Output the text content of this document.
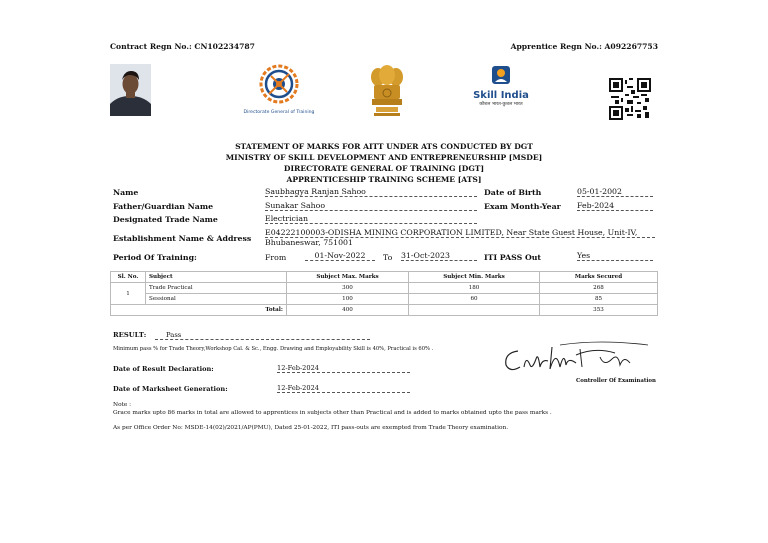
Contract Regn No.: CN102234787	Apprentice Regn No.: A092267753
Directorate General of Training
Skill India
कौशल भारत-कुशल भारत
STATEMENT OF MARKS FOR AITT UNDER ATS CONDUCTED BY DGT
MINISTRY OF SKILL DEVELOPMENT AND ENTREPRENEURSHIP [MSDE]
DIRECTORATE GENERAL OF TRAINING [DGT]
APPRENTICESHIP TRAINING SCHEME [ATS]
Name	Saubhagya Ranjan Sahoo	Date of Birth	05-01-2002
Father/Guardian Name	Sunakar Sahoo	Exam Month-Year Feb-2024
Designated Trade Name	Electrician
Establishment Name & Address
E04222100003-ODISHA MINING CORPORATION LIMITED, Near State Guest House, Unit-IV,
Bhubaneswar, 751001
Period Of Training:	From	01-Nov-2022	To 31-Oct-2023	ITI PASS Out	Yes
Sl. No.	Subject	Subject Max. Marks	Subject Min. Marks	Marks Secured
1	Trade Practical	300	180	268
	Sessional	100	60	85
Total:		400		353
RESULT:	Pass
Minimum pass % for Trade Theory,Workshop Cal. & Sc., Engg. Drawing and Employability Skill is 40%, Practical is 60% .
Date of Result Declaration:	12-Feb-2024
Date of Marksheet Generation:	12-Feb-2024
Controller Of Examination
Note :
Grace marks upto 86 marks in total are allowed to apprentices in subjects other than Practical and is added to marks obtained upto the pass marks .
As per Office Order No: MSDE-14(02)/2021/AP(PMU), Dated 25-01-2022, ITI pass-outs are exempted from Trade Theory examination.
